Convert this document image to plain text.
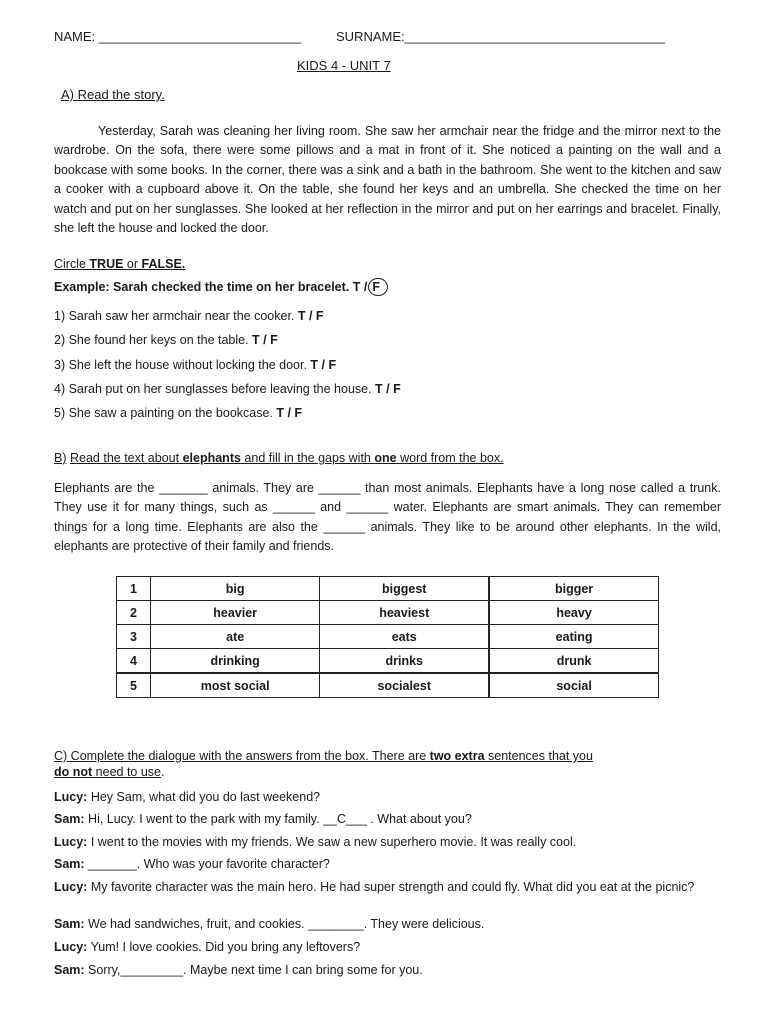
NAME: ____________________________	SURNAME:____________________________________
KIDS 4 - UNIT 7
A) Read the story.
Yesterday, Sarah was cleaning her living room. She saw her armchair near the fridge and the mirror next to the wardrobe. On the sofa, there were some pillows and a mat in front of it. She noticed a painting on the wall and a bookcase with some books. In the corner, there was a sink and a bath in the bathroom. She went to the kitchen and saw a cooker with a cupboard above it. On the table, she found her keys and an umbrella. She checked the time on her watch and put on her sunglasses. She looked at her reflection in the mirror and put on her earrings and bracelet. Finally, she left the house and locked the door.
Circle TRUE or FALSE.
Example: Sarah checked the time on her bracelet. T / F
1) Sarah saw her armchair near the cooker. T / F
2) She found her keys on the table. T / F
3) She left the house without locking the door. T / F
4) Sarah put on her sunglasses before leaving the house. T / F
5) She saw a painting on the bookcase. T / F
B) Read the text about elephants and fill in the gaps with one word from the box.
Elephants are the _______ animals. They are ______ than most animals. Elephants have a long nose called a trunk. They use it for many things, such as ______ and ______ water. Elephants are smart animals. They can remember things for a long time. Elephants are also the ______ animals. They like to be around other elephants. In the wild, elephants are protective of their family and friends.
1	big	biggest	bigger
2	heavier	heaviest	heavy
3	ate	eats	eating
4	drinking	drinks	drunk
5	most social	socialest	social
C) Complete the dialogue with the answers from the box. There are two extra sentences that you
do not need to use.
Lucy: Hey Sam, what did you do last weekend?
Sam: Hi, Lucy. I went to the park with my family. __C___ . What about you?
Lucy: I went to the movies with my friends. We saw a new superhero movie. It was really cool.
Sam: _______. Who was your favorite character?
Lucy: My favorite character was the main hero. He had super strength and could fly. What did you eat at the picnic?
Sam: We had sandwiches, fruit, and cookies. ________. They were delicious.
Lucy: Yum! I love cookies. Did you bring any leftovers?
Sam: Sorry,_________. Maybe next time I can bring some for you.
